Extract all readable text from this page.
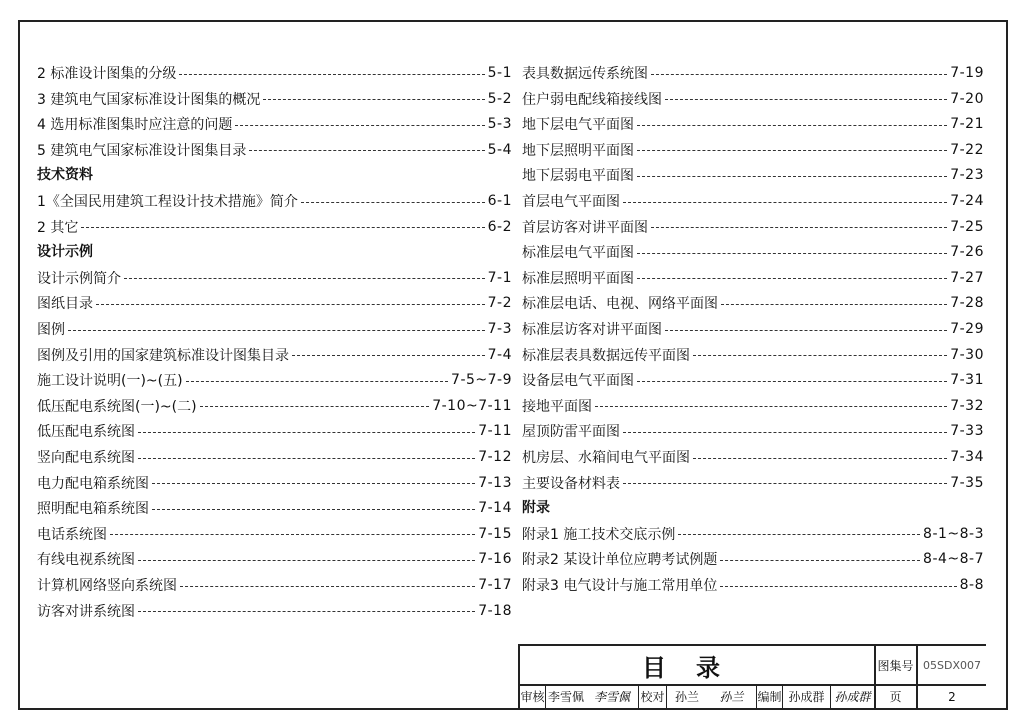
2 标准设计图集的分级	5-1
3 建筑电气国家标准设计图集的概况	5-2
4 选用标准图集时应注意的问题	5-3
5 建筑电气国家标准设计图集目录	5-4
技术资料
1《全国民用建筑工程设计技术措施》简介	6-1
2 其它	6-2
设计示例
设计示例简介	7-1
图纸目录	7-2
图例	7-3
图例及引用的国家建筑标准设计图集目录	7-4
施工设计说明(一)~(五)	7-5~7-9
低压配电系统图(一)~(二)	7-10~7-11
低压配电系统图	7-11
竖向配电系统图	7-12
电力配电箱系统图	7-13
照明配电箱系统图	7-14
电话系统图	7-15
有线电视系统图	7-16
计算机网络竖向系统图	7-17
访客对讲系统图	7-18
表具数据远传系统图	7-19
住户弱电配线箱接线图	7-20
地下层电气平面图	7-21
地下层照明平面图	7-22
地下层弱电平面图	7-23
首层电气平面图	7-24
首层访客对讲平面图	7-25
标准层电气平面图	7-26
标准层照明平面图	7-27
标准层电话、电视、网络平面图	7-28
标准层访客对讲平面图	7-29
标准层表具数据远传平面图	7-30
设备层电气平面图	7-31
接地平面图	7-32
屋顶防雷平面图	7-33
机房层、水箱间电气平面图	7-34
主要设备材料表	7-35
附录
附录1 施工技术交底示例	8-1~8-3
附录2 某设计单位应聘考试例题	8-4~8-7
附录3 电气设计与施工常用单位	8-8
目录	图集号 05SDX007
审核 李雪佩 李雪佩 校对 孙兰	孙兰	编制 孙成群 孙成群	页	2
